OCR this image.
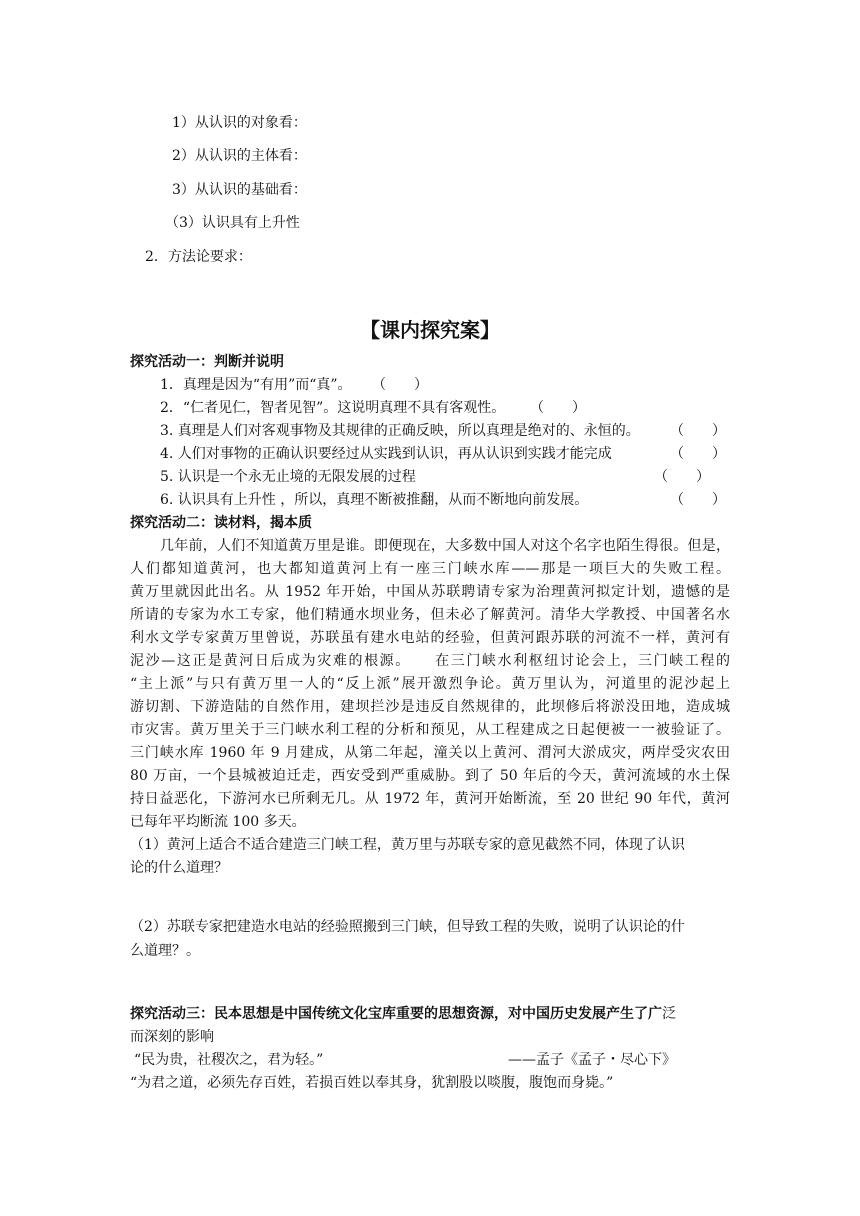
1）从认识的对象看：
2）从认识的主体看：
3）从认识的基础看：
（3）认识具有上升性
2．方法论要求：
【课内探究案】
探究活动一：判断并说明
1．真理是因为“有用”而“真”。 （　　）
2．“仁者见仁，智者见智”。这说明真理不具有客观性。 （　　）
3. 真理是人们对客观事物及其规律的正确反映，所以真理是绝对的、永恒的。 （　　）
4. 人们对事物的正确认识要经过从实践到认识，再从认识到实践才能完成	（　　）
5. 认识是一个永无止境的无限发展的过程	（　　）
6. 认识具有上升性 ，所以，真理不断被推翻，从而不断地向前发展。	（　　）
探究活动二：读材料，揭本质
几年前，人们不知道黄万里是谁。即便现在，大多数中国人对这个名字也陌生得很。但是，
人们都知道黄河，也大都知道黄河上有一座三门峡水库——那是一项巨大的失败工程。
黄万里就因此出名。从 1952 年开始，中国从苏联聘请专家为治理黄河拟定计划，遗憾的是
所请的专家为水工专家，他们精通水坝业务，但未必了解黄河。清华大学教授、中国著名水
利水文学专家黄万里曾说，苏联虽有建水电站的经验，但黄河跟苏联的河流不一样，黄河有
泥沙—这正是黄河日后成为灾难的根源。　　在三门峡水利枢纽讨论会上，三门峡工程的
“主上派”与只有黄万里一人的“反上派”展开激烈争论。黄万里认为，河道里的泥沙起上
游切割、下游造陆的自然作用，建坝拦沙是违反自然规律的，此坝修后将淤没田地，造成城
市灾害。黄万里关于三门峡水利工程的分析和预见，从工程建成之日起便被一一被验证了。
三门峡水库 1960 年 9 月建成，从第二年起，潼关以上黄河、渭河大淤成灾，两岸受灾农田
80 万亩，一个县城被迫迁走，西安受到严重威胁。到了 50 年后的今天，黄河流域的水土保
持日益恶化，下游河水已所剩无几。从 1972 年，黄河开始断流，至 20 世纪 90 年代，黄河
已每年平均断流 100 多天。
（1）黄河上适合不适合建造三门峡工程，黄万里与苏联专家的意见截然不同，体现了认识
论的什么道理？
（2）苏联专家把建造水电站的经验照搬到三门峡，但导致工程的失败，说明了认识论的什
么道理？。
探究活动三：民本思想是中国传统文化宝库重要的思想资源，对中国历史发展产生了广泛
而深刻的影响
“民为贵，社稷次之，君为轻。”	——孟子《孟子・尽心下》
“为君之道，必须先存百姓，若损百姓以奉其身，犹割股以啖腹，腹饱而身毙。”
